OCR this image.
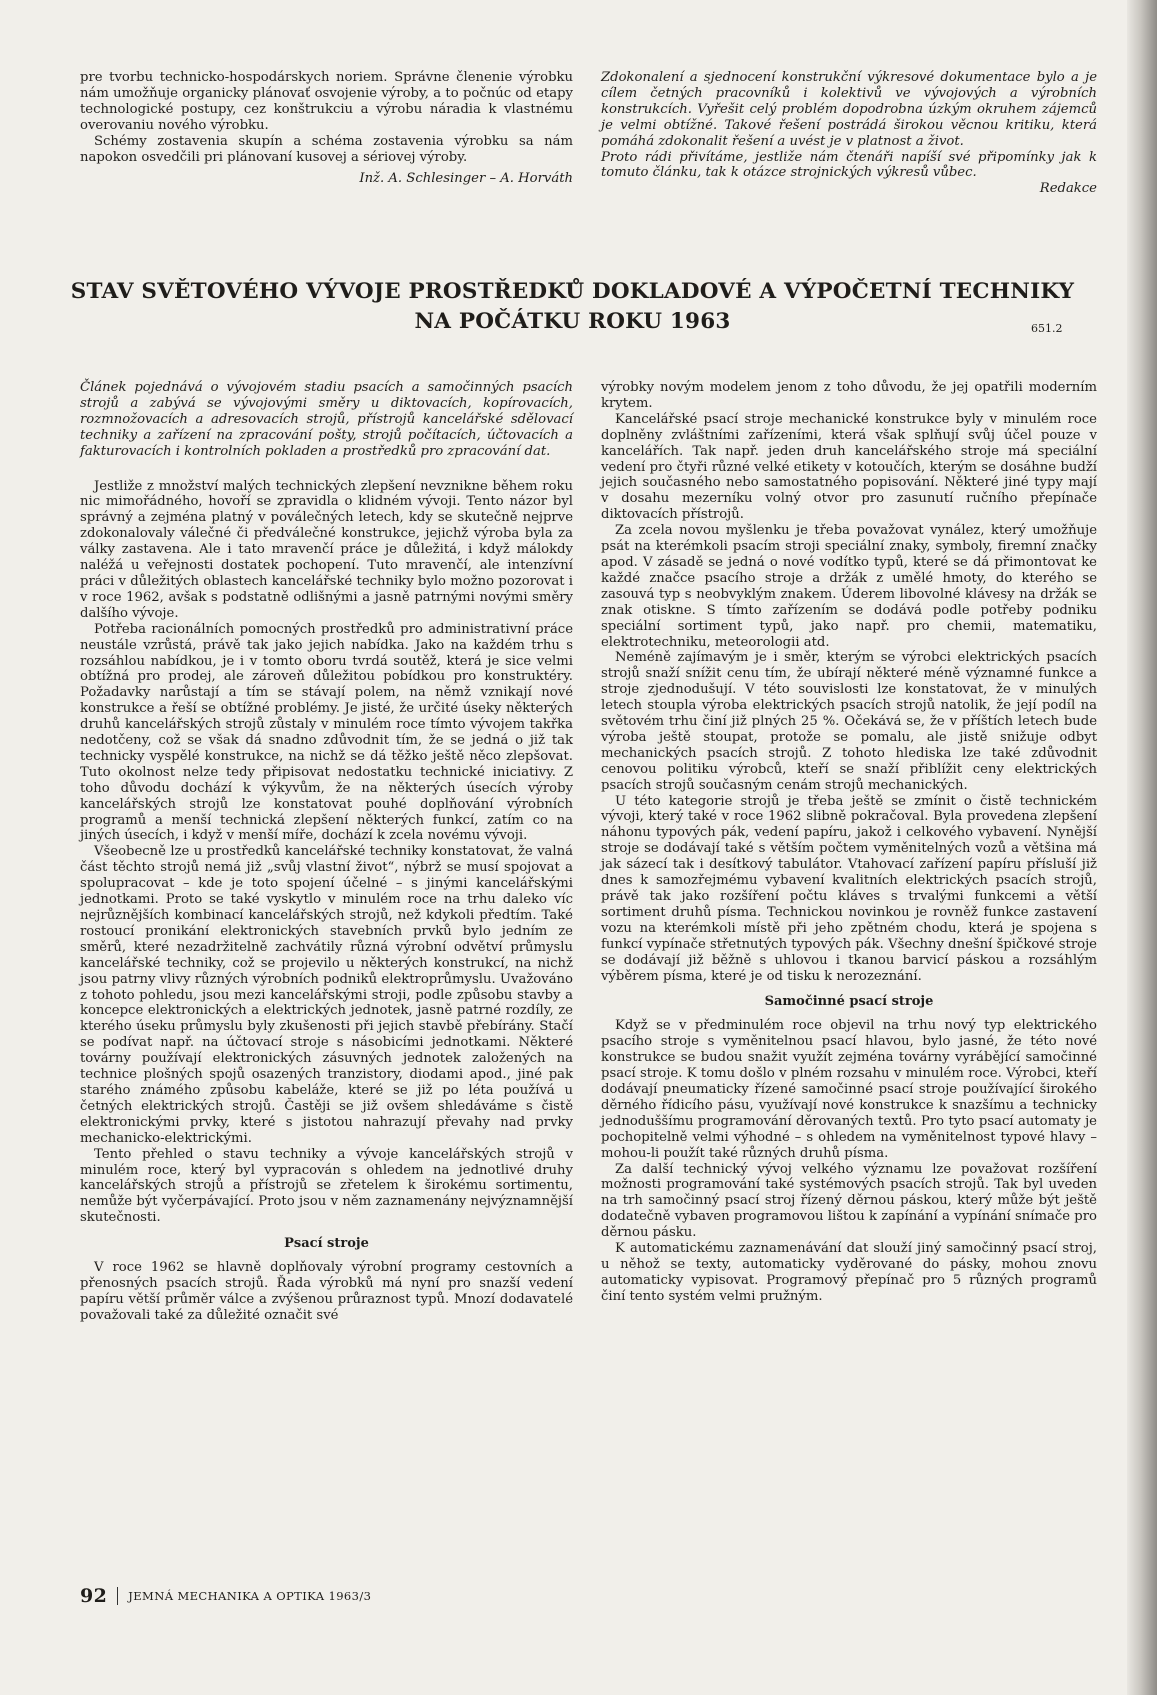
pre tvorbu technicko-hospodárskych noriem. Správne členenie výrobku nám umožňuje organicky plánovať osvojenie výroby, a to počnúc od etapy technologické postupy, cez konštrukciu a výrobu náradia k vlastnému overovaniu nového výrobku.

Schémy zostavenia skupín a schéma zostavenia výrobku sa nám napokon osvedčili pri plánovaní kusovej a sériovej výroby.

Inž. A. Schlesinger – A. Horváth

Zdokonalení a sjednocení konstrukční výkresové dokumentace bylo a je cílem četných pracovníků i kolektivů ve vývojových a výrobních konstrukcích. Vyřešit celý problém dopodrobna úzkým okruhem zájemců je velmi obtížné. Takové řešení postrádá širokou věcnou kritiku, která pomáhá zdokonalit řešení a uvést je v platnost a život.

Proto rádi přivítáme, jestliže nám čtenáři napíší své připomínky jak k tomuto článku, tak k otázce strojnických výkresů vůbec.

Redakce

STAV SVĚTOVÉHO VÝVOJE PROSTŘEDKŮ DOKLADOVÉ A VÝPOČETNÍ TECHNIKY

NA POČÁTKU ROKU 1963	651.2

Článek pojednává o vývojovém stadiu psacích a samočinných psacích strojů a zabývá se vývojovými směry u diktovacích, kopírovacích, rozmnožovacích a adresovacích strojů, přístrojů kancelářské sdělovací techniky a zařízení na zpracování pošty, strojů počítacích, účtovacích a fakturovacích i kontrolních pokladen a prostředků pro zpracování dat.

Jestliže z množství malých technických zlepšení nevznikne během roku nic mimořádného, hovoří se zpravidla o klidném vývoji. Tento názor byl správný a zejména platný v poválečných letech, kdy se skutečně nejprve zdokonalovaly válečné či předválečné konstrukce, jejichž výroba byla za války zastavena. Ale i tato mravenčí práce je důležitá, i když málokdy naléžá u veřejnosti dostatek pochopení. Tuto mravenčí, ale intenzívní práci v důležitých oblastech kancelářské techniky bylo možno pozorovat i v roce 1962, avšak s podstatně odlišnými a jasně patrnými novými směry dalšího vývoje.

Potřeba racionálních pomocných prostředků pro administrativní práce neustále vzrůstá, právě tak jako jejich nabídka. Jako na každém trhu s rozsáhlou nabídkou, je i v tomto oboru tvrdá soutěž, která je sice velmi obtížná pro prodej, ale zároveň důležitou pobídkou pro konstruktéry. Požadavky narůstají a tím se stávají polem, na němž vznikají nové konstrukce a řeší se obtížné problémy. Je jisté, že určité úseky některých druhů kancelářských strojů zůstaly v minulém roce tímto vývojem takřka nedotčeny, což se však dá snadno zdůvodnit tím, že se jedná o již tak technicky vyspělé konstrukce, na nichž se dá těžko ještě něco zlepšovat. Tuto okolnost nelze tedy připisovat nedostatku technické iniciativy. Z toho důvodu dochází k výkyvům, že na některých úsecích výroby kancelářských strojů lze konstatovat pouhé doplňování výrobních programů a menší technická zlepšení některých funkcí, zatím co na jiných úsecích, i když v menší míře, dochází k zcela novému vývoji.

Všeobecně lze u prostředků kancelářské techniky konstatovat, že valná část těchto strojů nemá již „svůj vlastní život“, nýbrž se musí spojovat a spolupracovat – kde je toto spojení účelné – s jinými kancelářskými jednotkami. Proto se také vyskytlo v minulém roce na trhu daleko víc nejrůznějších kombinací kancelářských strojů, než kdykoli předtím. Také rostoucí pronikání elektronických stavebních prvků bylo jedním ze směrů, které nezadržitelně zachvátily různá výrobní odvětví průmyslu kancelářské techniky, což se projevilo u některých konstrukcí, na nichž jsou patrny vlivy různých výrobních podniků elektroprůmyslu. Uvažováno z tohoto pohledu, jsou mezi kancelářskými stroji, podle způsobu stavby a koncepce elektronických a elektrických jednotek, jasně patrné rozdíly, ze kterého úseku průmyslu byly zkušenosti při jejich stavbě přebírány. Stačí se podívat např. na účtovací stroje s násobicími jednotkami. Některé továrny používají elektronických zásuvných jednotek založených na technice plošných spojů osazených tranzistory, diodami apod., jiné pak starého známého způsobu kabeláže, které se již po léta používá u četných elektrických strojů. Častěji se již ovšem shledáváme s čistě elektronickými prvky, které s jistotou nahrazují převahy nad prvky mechanicko-elektrickými.

Tento přehled o stavu techniky a vývoje kancelářských strojů v minulém roce, který byl vypracován s ohledem na jednotlivé druhy kancelářských strojů a přístrojů se zřetelem k širokému sortimentu, nemůže být vyčerpávající. Proto jsou v něm zaznamenány nejvýznamnější skutečnosti.

Psací stroje

V roce 1962 se hlavně doplňovaly výrobní programy cestovních a přenosných psacích strojů. Řada výrobků má nyní pro snazší vedení papíru větší průměr válce a zvýšenou průraznost typů. Mnozí dodavatelé považovali také za důležité označit své

výrobky novým modelem jenom z toho důvodu, že jej opatřili moderním krytem.

Kancelářské psací stroje mechanické konstrukce byly v minulém roce doplněny zvláštními zařízeními, která však splňují svůj účel pouze v kancelářích. Tak např. jeden druh kancelářského stroje má speciální vedení pro čtyři různé velké etikety v kotoučích, kterým se dosáhne budží jejich současného nebo samostatného popisování. Některé jiné typy mají v dosahu mezerníku volný otvor pro zasunutí ručního přepínače diktovacích přístrojů.

Za zcela novou myšlenku je třeba považovat vynález, který umožňuje psát na kterémkoli psacím stroji speciální znaky, symboly, firemní značky apod. V zásadě se jedná o nové vodítko typů, které se dá přimontovat ke každé značce psacího stroje a držák z umělé hmoty, do kterého se zasouvá typ s neobvyklým znakem. Úderem libovolné klávesy na držák se znak otiskne. S tímto zařízením se dodává podle potřeby podniku speciální sortiment typů, jako např. pro chemii, matematiku, elektrotechniku, meteorologii atd.

Neméně zajímavým je i směr, kterým se výrobci elektrických psacích strojů snaží snížit cenu tím, že ubírají některé méně významné funkce a stroje zjednodušují. V této souvislosti lze konstatovat, že v minulých letech stoupla výroba elektrických psacích strojů natolik, že její podíl na světovém trhu činí již plných 25 %. Očekává se, že v příštích letech bude výroba ještě stoupat, protože se pomalu, ale jistě snižuje odbyt mechanických psacích strojů. Z tohoto hlediska lze také zdůvodnit cenovou politiku výrobců, kteří se snaží přiblížit ceny elektrických psacích strojů současným cenám strojů mechanických.

U této kategorie strojů je třeba ještě se zmínit o čistě technickém vývoji, který také v roce 1962 slibně pokračoval. Byla provedena zlepšení náhonu typových pák, vedení papíru, jakož i celkového vybavení. Nynější stroje se dodávají také s větším počtem vyměnitelných vozů a většina má jak sázecí tak i desítkový tabulátor. Vtahovací zařízení papíru přísluší již dnes k samozřejmému vybavení kvalitních elektrických psacích strojů, právě tak jako rozšíření počtu kláves s trvalými funkcemi a větší sortiment druhů písma. Technickou novinkou je rovněž funkce zastavení vozu na kterémkoli místě při jeho zpětném chodu, která je spojena s funkcí vypínače střetnutých typových pák. Všechny dnešní špičkové stroje se dodávají již běžně s uhlovou i tkanou barvicí páskou a rozsáhlým výběrem písma, které je od tisku k nerozeznání.

Samočinné psací stroje

Když se v předminulém roce objevil na trhu nový typ elektrického psacího stroje s vyměnitelnou psací hlavou, bylo jasné, že této nové konstrukce se budou snažit využít zejména továrny vyrábějící samočinné psací stroje. K tomu došlo v plném rozsahu v minulém roce. Výrobci, kteří dodávají pneumaticky řízené samočinné psací stroje používající širokého děrného řídicího pásu, využívají nové konstrukce k snazšímu a technicky jednoduššímu programování děrovaných textů. Pro tyto psací automaty je pochopitelně velmi výhodné – s ohledem na vyměnitelnost typové hlavy – mohou-li použít také různých druhů písma.

Za další technický vývoj velkého významu lze považovat rozšíření možnosti programování také systémových psacích strojů. Tak byl uveden na trh samočinný psací stroj řízený děrnou páskou, který může být ještě dodatečně vybaven programovou lištou k zapínání a vypínání snímače pro děrnou pásku.

K automatickému zaznamenávání dat slouží jiný samočinný psací stroj, u něhož se texty, automaticky vyděrované do pásky, mohou znovu automaticky vypisovat. Programový přepínač pro 5 různých programů činí tento systém velmi pružným.

92 JEMNÁ MECHANIKA A OPTIKA 1963/3
